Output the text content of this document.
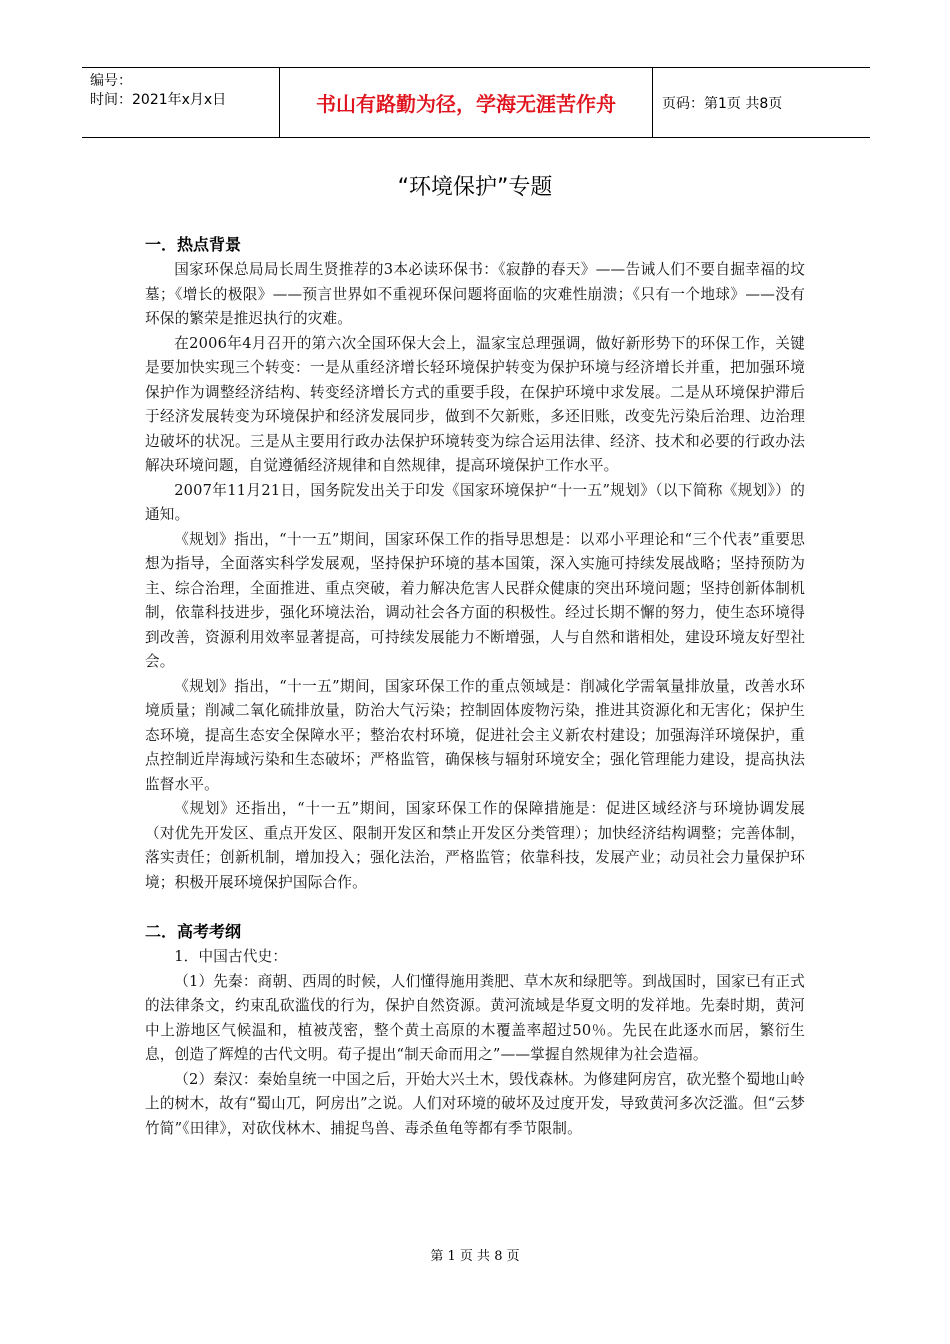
编号：
时间：2021年x月x日	书山有路勤为径，学海无涯苦作舟	页码：第1页 共8页
“环境保护”专题
一．热点背景

国家环保总局局长周生贤推荐的3本必读环保书：《寂静的春天》——告诫人们不要自掘幸福的坟墓；《增长的极限》——预言世界如不重视环保问题将面临的灾难性崩溃；《只有一个地球》——没有环保的繁荣是推迟执行的灾难。

在2006年4月召开的第六次全国环保大会上，温家宝总理强调，做好新形势下的环保工作，关键是要加快实现三个转变：一是从重经济增长轻环境保护转变为保护环境与经济增长并重，把加强环境保护作为调整经济结构、转变经济增长方式的重要手段，在保护环境中求发展。二是从环境保护滞后于经济发展转变为环境保护和经济发展同步，做到不欠新账，多还旧账，改变先污染后治理、边治理边破坏的状况。三是从主要用行政办法保护环境转变为综合运用法律、经济、技术和必要的行政办法解决环境问题，自觉遵循经济规律和自然规律，提高环境保护工作水平。

2007年11月21日，国务院发出关于印发《国家环境保护“十一五”规划》（以下简称《规划》）的通知。

《规划》指出，“十一五”期间，国家环保工作的指导思想是：以邓小平理论和“三个代表”重要思想为指导，全面落实科学发展观，坚持保护环境的基本国策，深入实施可持续发展战略；坚持预防为主、综合治理，全面推进、重点突破，着力解决危害人民群众健康的突出环境问题；坚持创新体制机制，依靠科技进步，强化环境法治，调动社会各方面的积极性。经过长期不懈的努力，使生态环境得到改善，资源利用效率显著提高，可持续发展能力不断增强，人与自然和谐相处，建设环境友好型社会。

《规划》指出，“十一五”期间，国家环保工作的重点领域是：削减化学需氧量排放量，改善水环境质量；削减二氧化硫排放量，防治大气污染；控制固体废物污染，推进其资源化和无害化；保护生态环境，提高生态安全保障水平；整治农村环境，促进社会主义新农村建设；加强海洋环境保护，重点控制近岸海域污染和生态破坏；严格监管，确保核与辐射环境安全；强化管理能力建设，提高执法监督水平。

《规划》还指出，“十一五”期间，国家环保工作的保障措施是：促进区域经济与环境协调发展（对优先开发区、重点开发区、限制开发区和禁止开发区分类管理）；加快经济结构调整；完善体制，落实责任；创新机制，增加投入；强化法治，严格监管；依靠科技，发展产业；动员社会力量保护环境；积极开展环境保护国际合作。

二．高考考纲

1．中国古代史：

（1）先秦：商朝、西周的时候，人们懂得施用粪肥、草木灰和绿肥等。到战国时，国家已有正式的法律条文，约束乱砍滥伐的行为，保护自然资源。黄河流域是华夏文明的发祥地。先秦时期，黄河中上游地区气候温和，植被茂密，整个黄土高原的木覆盖率超过50％。先民在此逐水而居，繁衍生息，创造了辉煌的古代文明。荀子提出“制天命而用之”——掌握自然规律为社会造福。

（2）秦汉：秦始皇统一中国之后，开始大兴土木，毁伐森林。为修建阿房宫，砍光整个蜀地山岭上的树木，故有“蜀山兀，阿房出”之说。人们对环境的破坏及过度开发，导致黄河多次泛滥。但“云梦竹简”《田律》，对砍伐林木、捕捉鸟兽、毒杀鱼龟等都有季节限制。

第 1 页 共 8 页
